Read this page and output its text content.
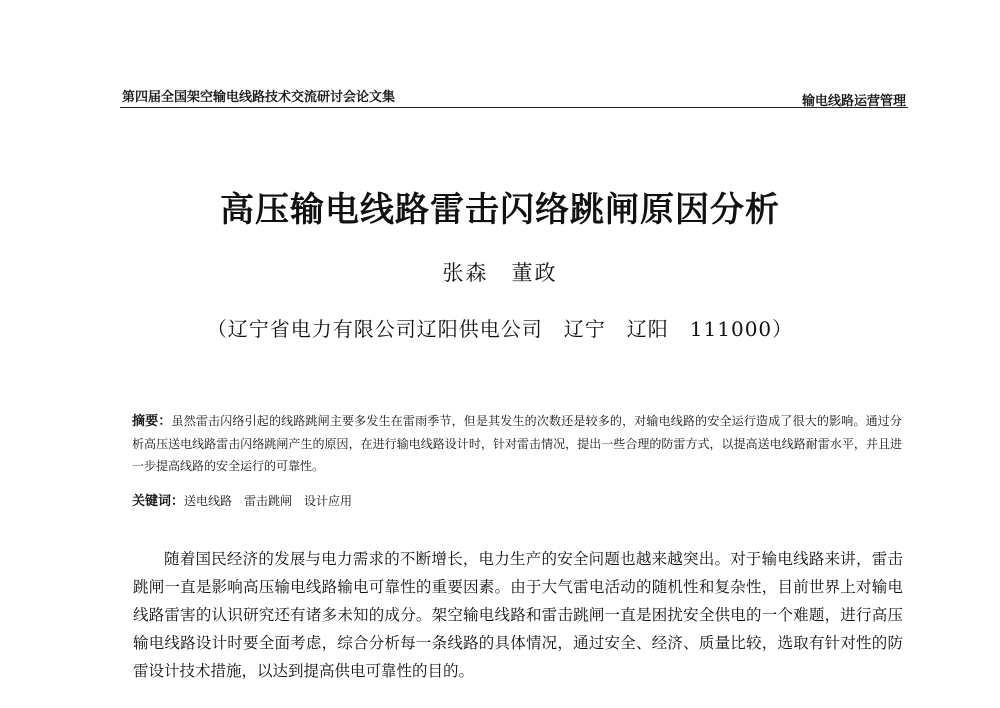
第四届全国架空输电线路技术交流研讨会论文集	输电线路运营管理
高压输电线路雷击闪络跳闸原因分析
张森　董政
（辽宁省电力有限公司辽阳供电公司　辽宁　辽阳　111000）
摘要：虽然雷击闪络引起的线路跳闸主要多发生在雷雨季节，但是其发生的次数还是较多的，对输电线路的安全运行造成了很大的影响。通过分析高压送电线路雷击闪络跳闸产生的原因，在进行输电线路设计时，针对雷击情况，提出一些合理的防雷方式，以提高送电线路耐雷水平，并且进一步提高线路的安全运行的可靠性。
关键词：送电线路　雷击跳闸　设计应用
随着国民经济的发展与电力需求的不断增长，电力生产的安全问题也越来越突出。对于输电线路来讲，雷击跳闸一直是影响高压输电线路输电可靠性的重要因素。由于大气雷电活动的随机性和复杂性，目前世界上对输电线路雷害的认识研究还有诸多未知的成分。架空输电线路和雷击跳闸一直是困扰安全供电的一个难题，进行高压输电线路设计时要全面考虑，综合分析每一条线路的具体情况，通过安全、经济、质量比较，选取有针对性的防雷设计技术措施，以达到提高供电可靠性的目的。
